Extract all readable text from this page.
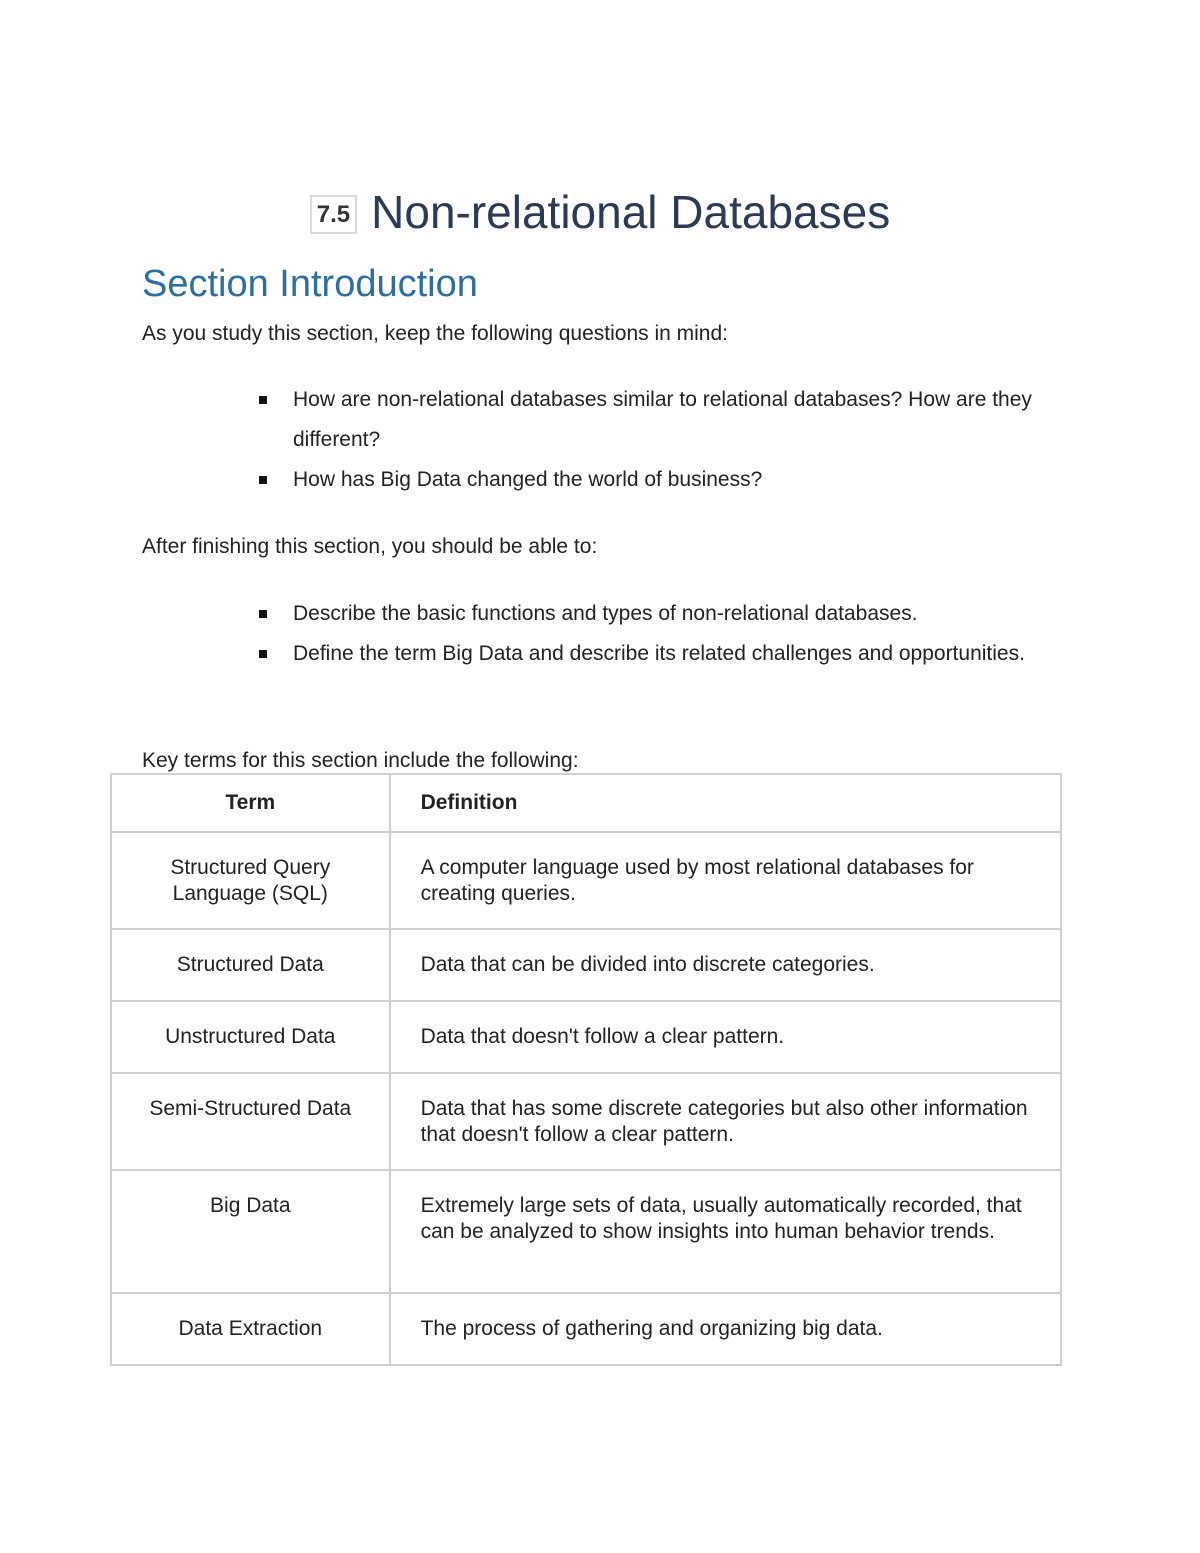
7.5 Non-relational Databases
Section Introduction

As you study this section, keep the following questions in mind:

How are non-relational databases similar to relational databases? How are they different?
How has Big Data changed the world of business?

After finishing this section, you should be able to:

Describe the basic functions and types of non-relational databases.
Define the term Big Data and describe its related challenges and opportunities.

Key terms for this section include the following:

Term	Definition
Structured Query Language (SQL)	A computer language used by most relational databases for creating queries.
Structured Data	Data that can be divided into discrete categories.
Unstructured Data	Data that doesn't follow a clear pattern.
Semi-Structured Data	Data that has some discrete categories but also other information that doesn't follow a clear pattern.
Big Data	Extremely large sets of data, usually automatically recorded, that can be analyzed to show insights into human behavior trends.
Data Extraction	The process of gathering and organizing big data.
